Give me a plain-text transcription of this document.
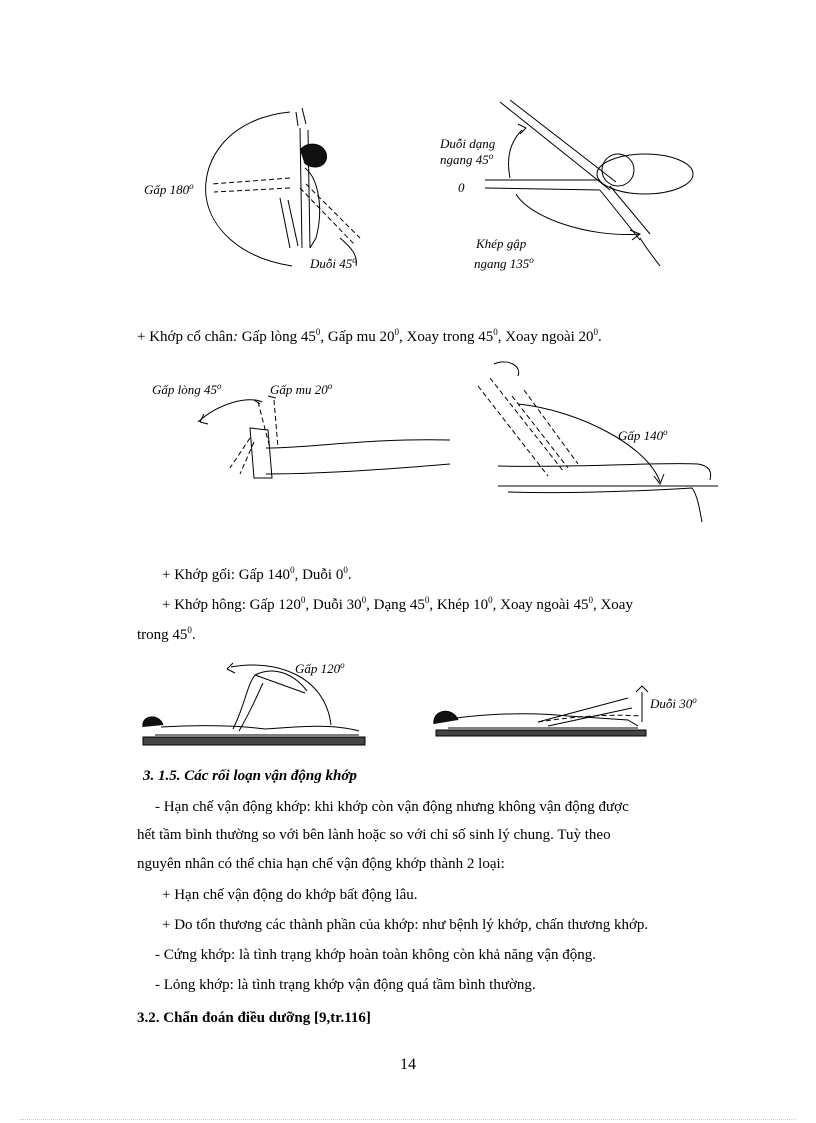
Gấp 180$^o$
Duỗi 45$^o$
Duỗi dạng
ngang 45$^o$
0
Khép gập
ngang $135^o$
+ Khớp cổ chân: Gấp lòng $45^0$, Gấp mu $20^0$, Xoay trong $45^0$, Xoay ngoài $20^0$.
Gấp lòng 45$^o$	Gấp mu 20$^o$
Gấp $140^o$
+ Khớp gối: Gấp $140^0$, Duỗi $0^0$.
+ Khớp hông: Gấp $120^0$, Duỗi $30^0$, Dạng $45^0$, Khép $10^0$, Xoay ngoài $45^0$, Xoay
trong $45^0$.
Gấp 120$^o$
Duỗi 30$^o$
3. 1.5. Các rối loạn vận động khớp
- Hạn chế vận động khớp: khi khớp còn vận động nhưng không vận động được
hết tầm bình thường so với bên lành hoặc so với chỉ số sinh lý chung. Tuỳ theo
nguyên nhân có thể chia hạn chế vận động khớp thành 2 loại:
+ Hạn chế vận động do khớp bất động lâu.
+ Do tổn thương các thành phần của khớp: như bệnh lý khớp, chấn thương khớp.
- Cứng khớp: là tình trạng khớp hoàn toàn không còn khả năng vận động.
- Lỏng khớp: là tình trạng khớp vận động quá tầm bình thường.
3.2. Chẩn đoán điều dưỡng [9,tr.116]
14
